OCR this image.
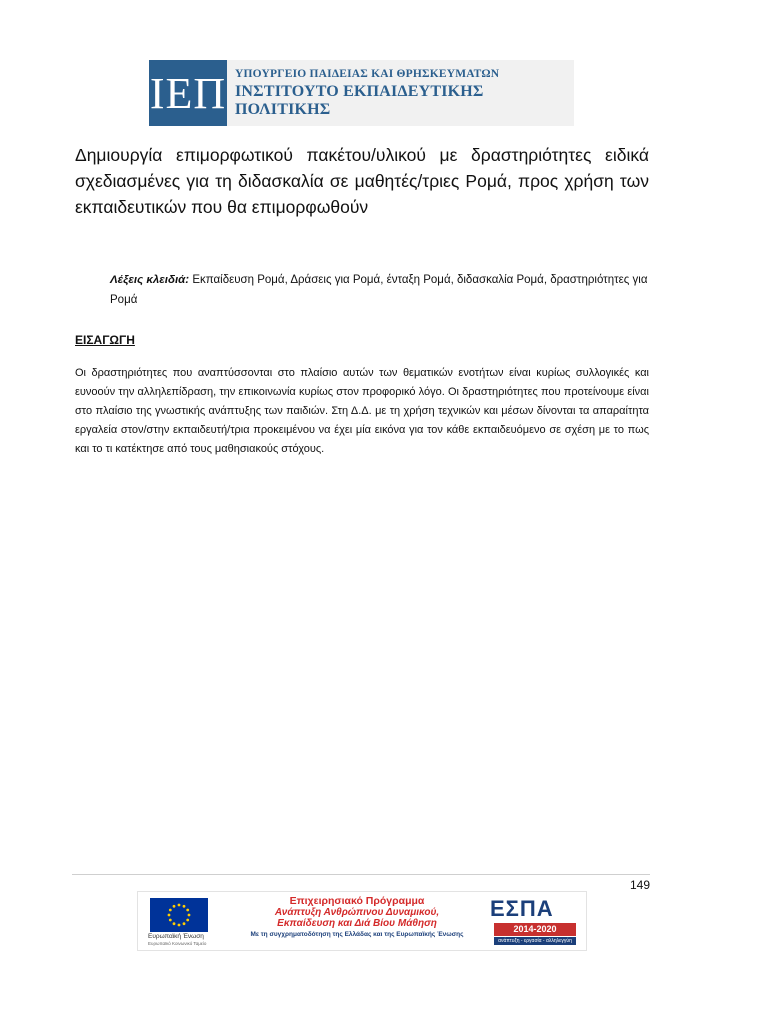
ΙΕΠ ΥΠΟΥΡΓΕΙΟ ΠΑΙΔΕΙΑΣ ΚΑΙ ΘΡΗΣΚΕΥΜΑΤΩΝ
ΙΝΣΤΙΤΟΥΤΟ ΕΚΠΑΙΔΕΥΤΙΚΗΣ ΠΟΛΙΤΙΚΗΣ
Δημιουργία επιμορφωτικού πακέτου/υλικού με δραστηριότητες ειδικά σχεδιασμένες για τη διδασκαλία σε μαθητές/τριες Ρομά, προς χρήση των εκπαιδευτικών που θα επιμορφωθούν
Λέξεις κλειδιά: Εκπαίδευση Ρομά, Δράσεις για Ρομά, ένταξη Ρομά, διδασκαλία Ρομά, δραστηριότητες για Ρομά
ΕΙΣΑΓΩΓΗ

Οι δραστηριότητες που αναπτύσσονται στο πλαίσιο αυτών των θεματικών ενοτήτων είναι κυρίως συλλογικές και ευνοούν την αλληλεπίδραση, την επικοινωνία κυρίως στον προφορικό λόγο. Οι δραστηριότητες που προτείνουμε είναι στο πλαίσιο της γνωστικής ανάπτυξης των παιδιών. Στη Δ.Δ. με τη χρήση τεχνικών και μέσων δίνονται τα απαραίτητα εργαλεία στον/στην εκπαιδευτή/τρια προκειμένου να έχει μία εικόνα για τον κάθε εκπαιδευόμενο σε σχέση με το πως και το τι κατέκτησε από τους μαθησιακούς στόχους.

149
Ευρωπαϊκή Ένωση
Ευρωπαϊκό Κοινωνικό Ταμείο
Επιχειρησιακό Πρόγραμμα
Ανάπτυξη Ανθρώπινου Δυναμικού,
Εκπαίδευση και Διά Βίου Μάθηση
Με τη συγχρηματοδότηση της Ελλάδας και της Ευρωπαϊκής Ένωσης
ΕΣΠΑ
2014-2020
ανάπτυξη - εργασία - αλληλεγγύη
